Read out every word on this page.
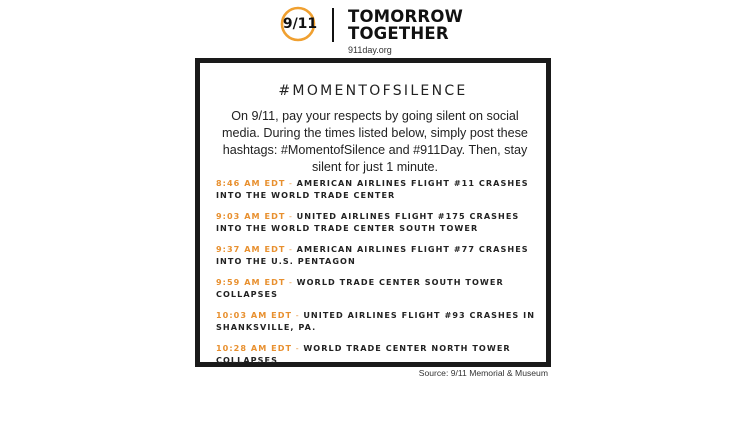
9/11 TOMORROW
TOGETHER
911day.org
#MOMENTOFSILENCE
On 9/11, pay your respects by going silent on social media. During the times listed below, simply post these hashtags: #MomentofSilence and #911Day. Then, stay silent for just 1 minute.
8:46 AM EDT - AMERICAN AIRLINES FLIGHT #11 CRASHES INTO THE WORLD TRADE CENTER
9:03 AM EDT - UNITED AIRLINES FLIGHT #175 CRASHES INTO THE WORLD TRADE CENTER SOUTH TOWER
9:37 AM EDT - AMERICAN AIRLINES FLIGHT #77 CRASHES INTO THE U.S. PENTAGON
9:59 AM EDT - WORLD TRADE CENTER SOUTH TOWER COLLAPSES
10:03 AM EDT - UNITED AIRLINES FLIGHT #93 CRASHES IN SHANKSVILLE, PA.
10:28 AM EDT - WORLD TRADE CENTER NORTH TOWER COLLAPSES
Source: 9/11 Memorial & Museum
